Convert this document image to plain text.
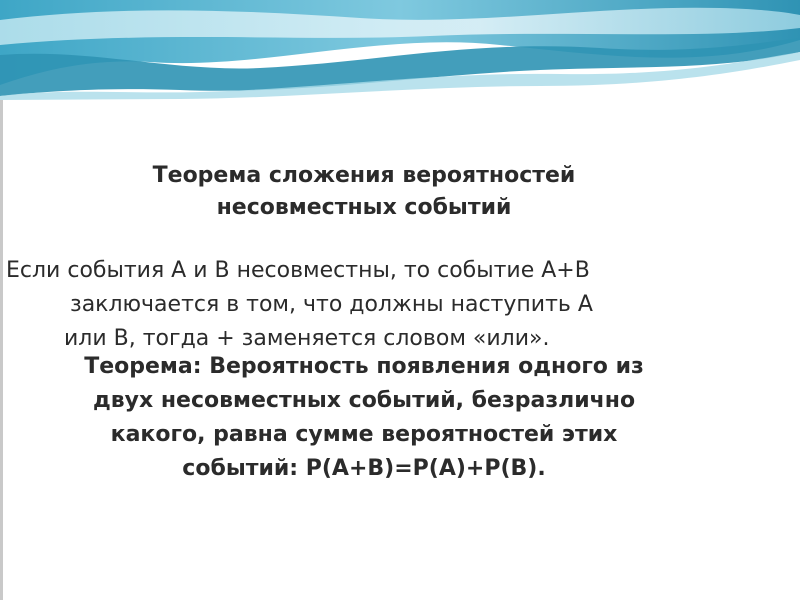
Теорема сложения вероятностей
несовместных событий
Если события А и В несовместны, то событие А+В
заключается в том, что должны наступить А
или В, тогда + заменяется словом «или».
Теорема: Вероятность появления одного из
двух несовместных событий, безразлично
какого, равна сумме вероятностей этих
событий: Р(А+В)=Р(А)+Р(В).
